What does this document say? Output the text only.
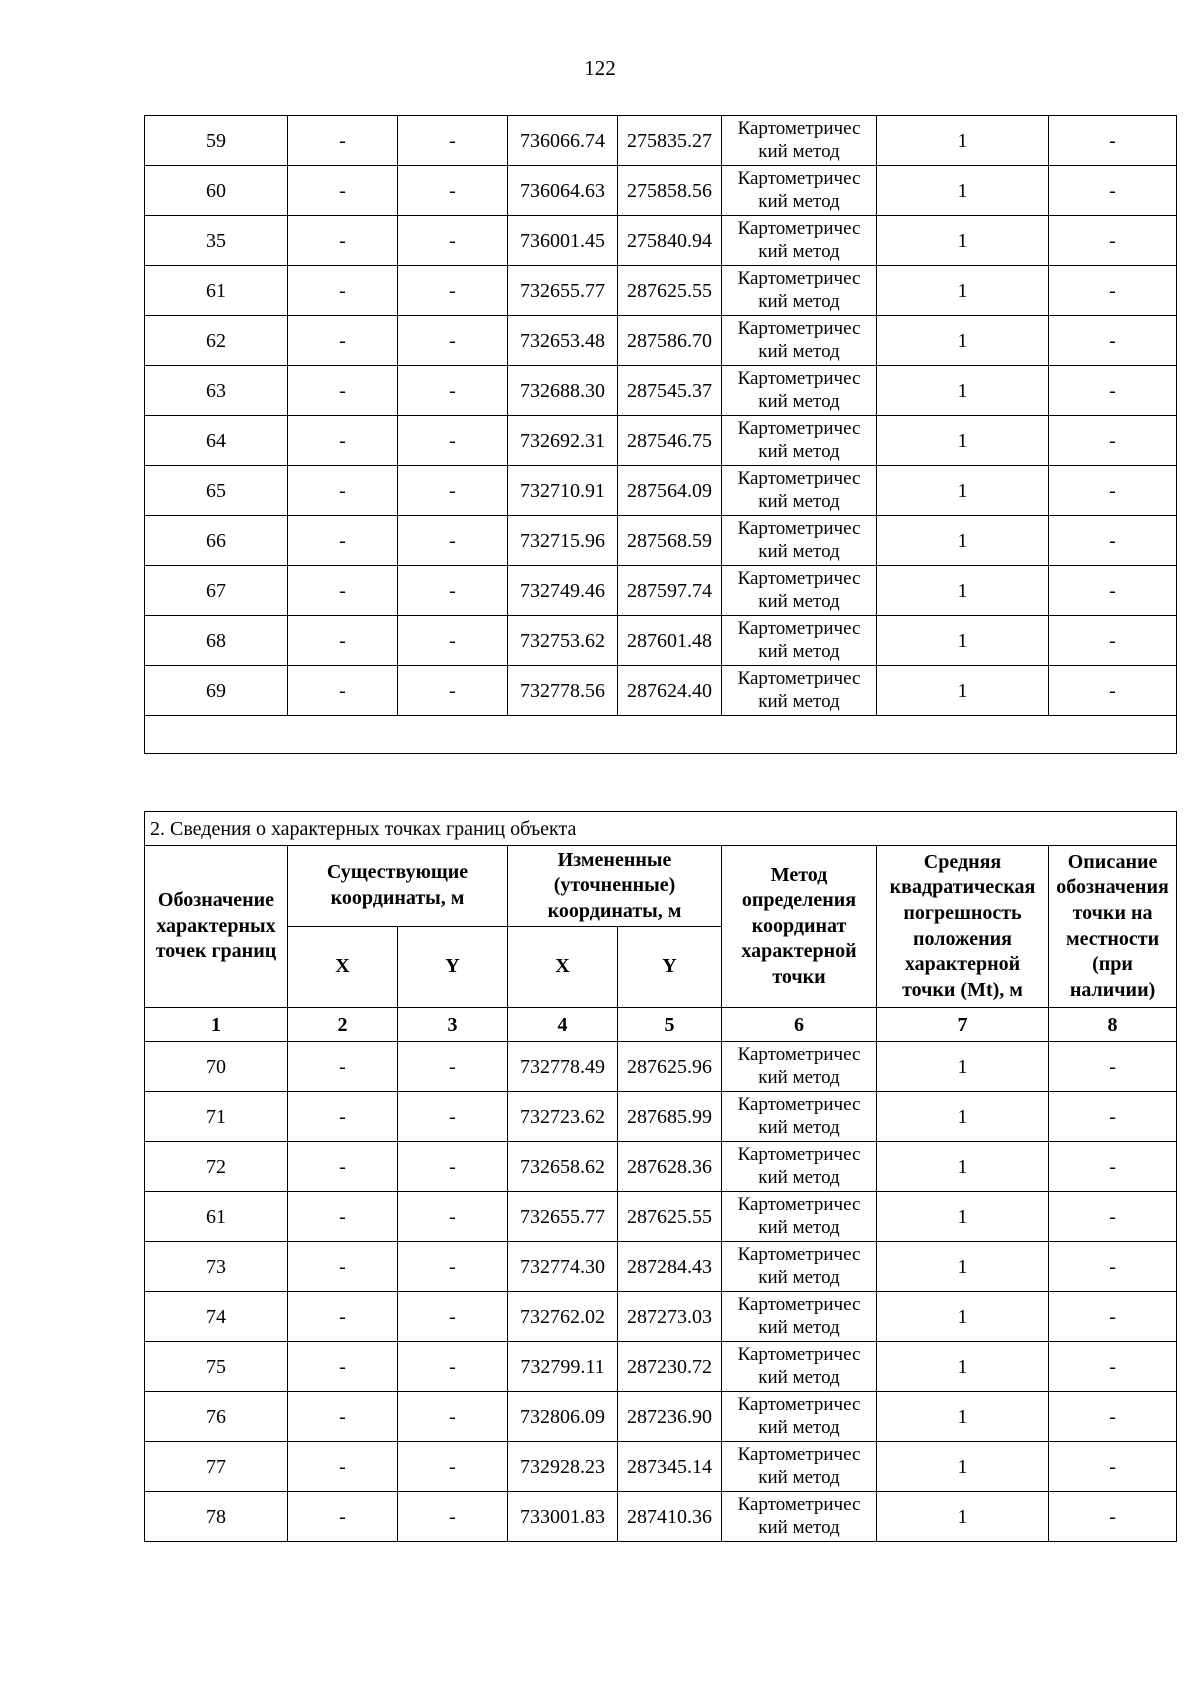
122
59	-	-	736066.74	275835.27	Картометричес кий метод	1	-
60	-	-	736064.63	275858.56	Картометричес кий метод	1	-
35	-	-	736001.45	275840.94	Картометричес кий метод	1	-
61	-	-	732655.77	287625.55	Картометричес кий метод	1	-
62	-	-	732653.48	287586.70	Картометричес кий метод	1	-
63	-	-	732688.30	287545.37	Картометричес кий метод	1	-
64	-	-	732692.31	287546.75	Картометричес кий метод	1	-
65	-	-	732710.91	287564.09	Картометричес кий метод	1	-
66	-	-	732715.96	287568.59	Картометричес кий метод	1	-
67	-	-	732749.46	287597.74	Картометричес кий метод	1	-
68	-	-	732753.62	287601.48	Картометричес кий метод	1	-
69	-	-	732778.56	287624.40	Картометричес кий метод	1	-

2. Сведения о характерных точках границ объекта							
Обозначение характерных точек границ	Существующие координаты, м		Измененные (уточненные) координаты, м		Метод определения координат характерной точки	Средняя квадратическая погрешность положения характерной точки (Mt), м	Описание обозначения точки на местности (при наличии)
	X	Y	X	Y			
1	2	3	4	5	6	7	8
70	-	-	732778.49	287625.96	Картометричес кий метод	1	-
71	-	-	732723.62	287685.99	Картометричес кий метод	1	-
72	-	-	732658.62	287628.36	Картометричес кий метод	1	-
61	-	-	732655.77	287625.55	Картометричес кий метод	1	-
73	-	-	732774.30	287284.43	Картометричес кий метод	1	-
74	-	-	732762.02	287273.03	Картометричес кий метод	1	-
75	-	-	732799.11	287230.72	Картометричес кий метод	1	-
76	-	-	732806.09	287236.90	Картометричес кий метод	1	-
77	-	-	732928.23	287345.14	Картометричес кий метод	1	-
78	-	-	733001.83	287410.36	Картометричес кий метод	1	-
